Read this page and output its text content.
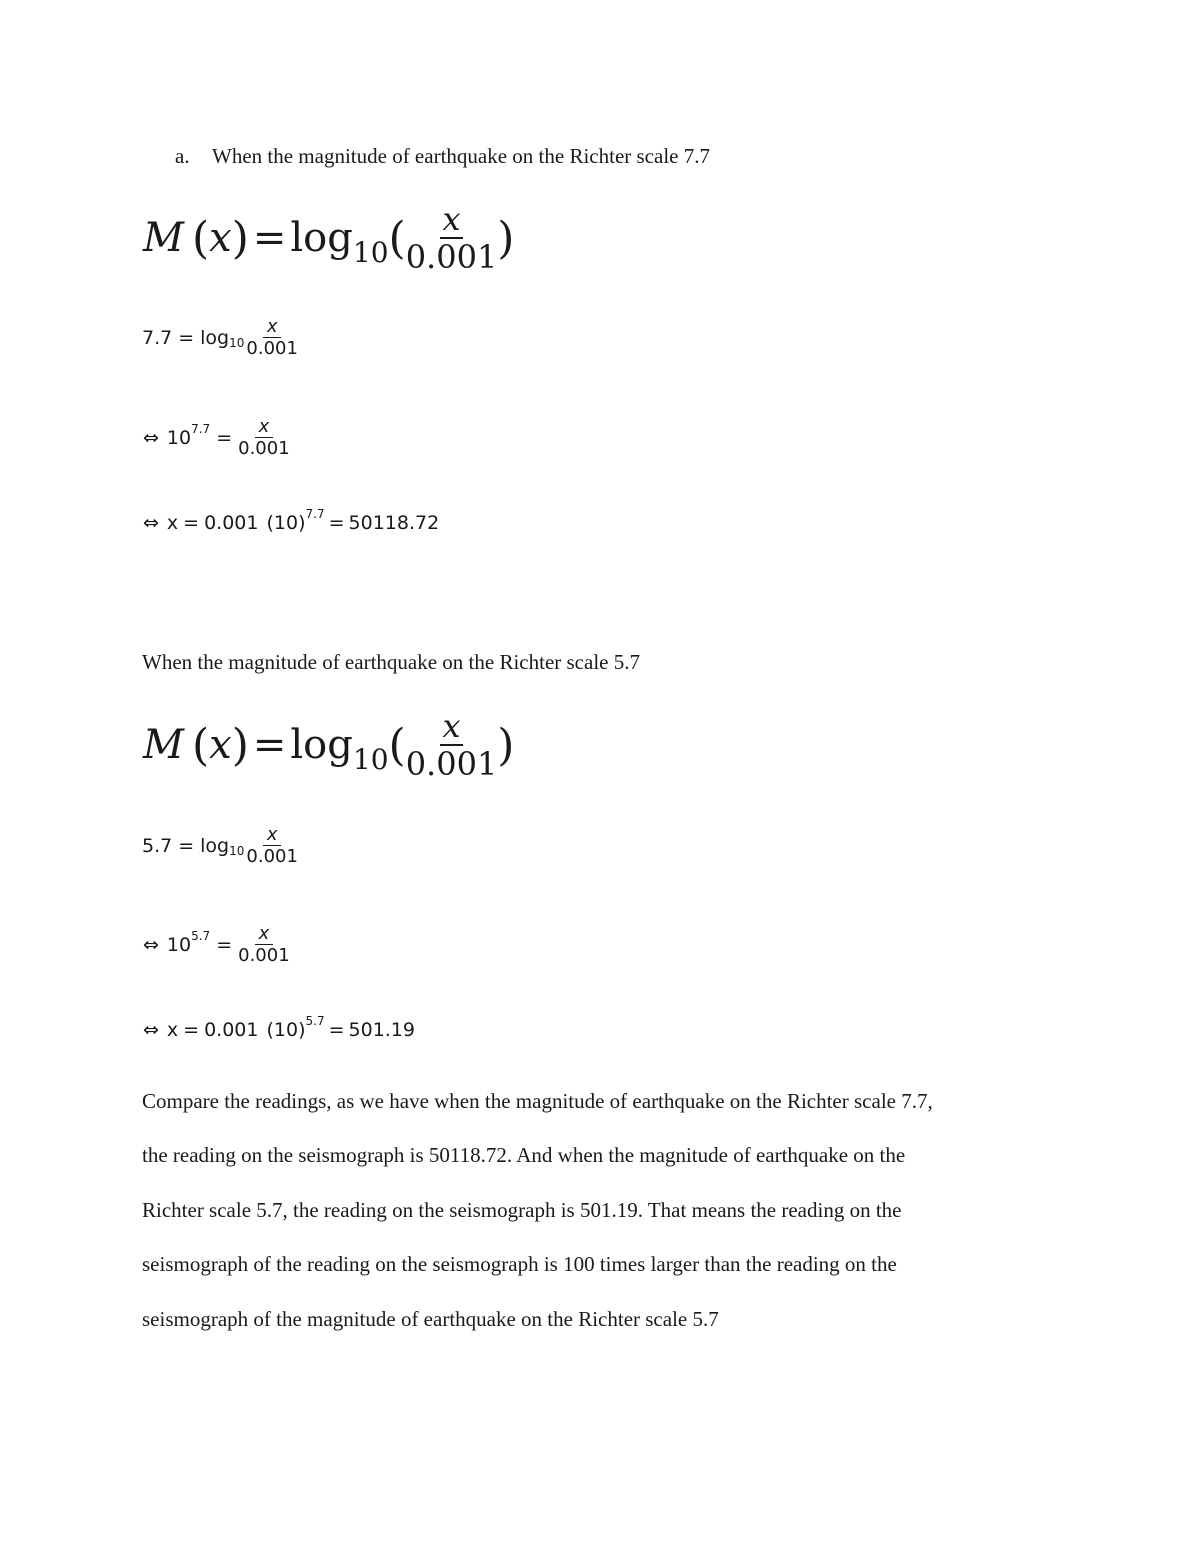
a. When the magnitude of earthquake on the Richter scale 7.7
M ( x ) = log 10 ( $\frac{x}{0.001}$ )
$7.7 = \log 10 \frac{x}{0.001}$
⇔ 10 $7.7 = \frac{x}{0.001}$
⇔ x = 0.001 (10) 7.7 = 50118.72
When the magnitude of earthquake on the Richter scale 5.7
M ( x ) = log 10 ( $\frac{x}{0.001}$ )
$5.7 = \log 10 \frac{x}{0.001}$
⇔ 10 $5.7 = \frac{x}{0.001}$
⇔ x = 0.001 (10) 5.7 = 501.19
Compare the readings, as we have when the magnitude of earthquake on the Richter scale 7.7,
the reading on the seismograph is 50118.72. And when the magnitude of earthquake on the
Richter scale 5.7, the reading on the seismograph is 501.19. That means the reading on the
seismograph of the reading on the seismograph is 100 times larger than the reading on the
seismograph of the magnitude of earthquake on the Richter scale 5.7
